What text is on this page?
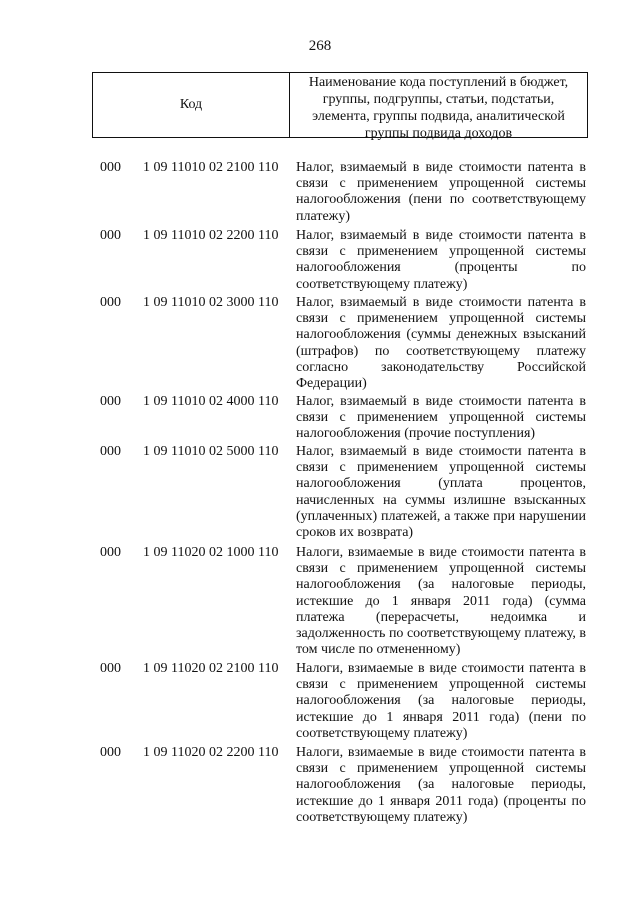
268
Код
Наименование кода поступлений в бюджет, группы, подгруппы, статьи, подстатьи, элемента, группы подвида, аналитической группы подвида доходов
000	1 09 11010 02 2100 110	Налог, взимаемый в виде стоимости патента в связи с применением упрощенной системы налогообложения (пени по соответствующему платежу)
000	1 09 11010 02 2200 110	Налог, взимаемый в виде стоимости патента в связи с применением упрощенной системы налогообложения (проценты по соответствующему платежу)
000	1 09 11010 02 3000 110	Налог, взимаемый в виде стоимости патента в связи с применением упрощенной системы налогообложения (суммы денежных взысканий (штрафов) по соответствующему платежу согласно законодательству Российской Федерации)
000	1 09 11010 02 4000 110	Налог, взимаемый в виде стоимости патента в связи с применением упрощенной системы налогообложения (прочие поступления)
000	1 09 11010 02 5000 110	Налог, взимаемый в виде стоимости патента в связи с применением упрощенной системы налогообложения (уплата процентов, начисленных на суммы излишне взысканных (уплаченных) платежей, а также при нарушении сроков их возврата)
000	1 09 11020 02 1000 110	Налоги, взимаемые в виде стоимости патента в связи с применением упрощенной системы налогообложения (за налоговые периоды, истекшие до 1 января 2011 года) (сумма платежа (перерасчеты, недоимка и задолженность по соответствующему платежу, в том числе по отмененному)
000	1 09 11020 02 2100 110	Налоги, взимаемые в виде стоимости патента в связи с применением упрощенной системы налогообложения (за налоговые периоды, истекшие до 1 января 2011 года) (пени по соответствующему платежу)
000	1 09 11020 02 2200 110	Налоги, взимаемые в виде стоимости патента в связи с применением упрощенной системы налогообложения (за налоговые периоды, истекшие до 1 января 2011 года) (проценты по соответствующему платежу)
